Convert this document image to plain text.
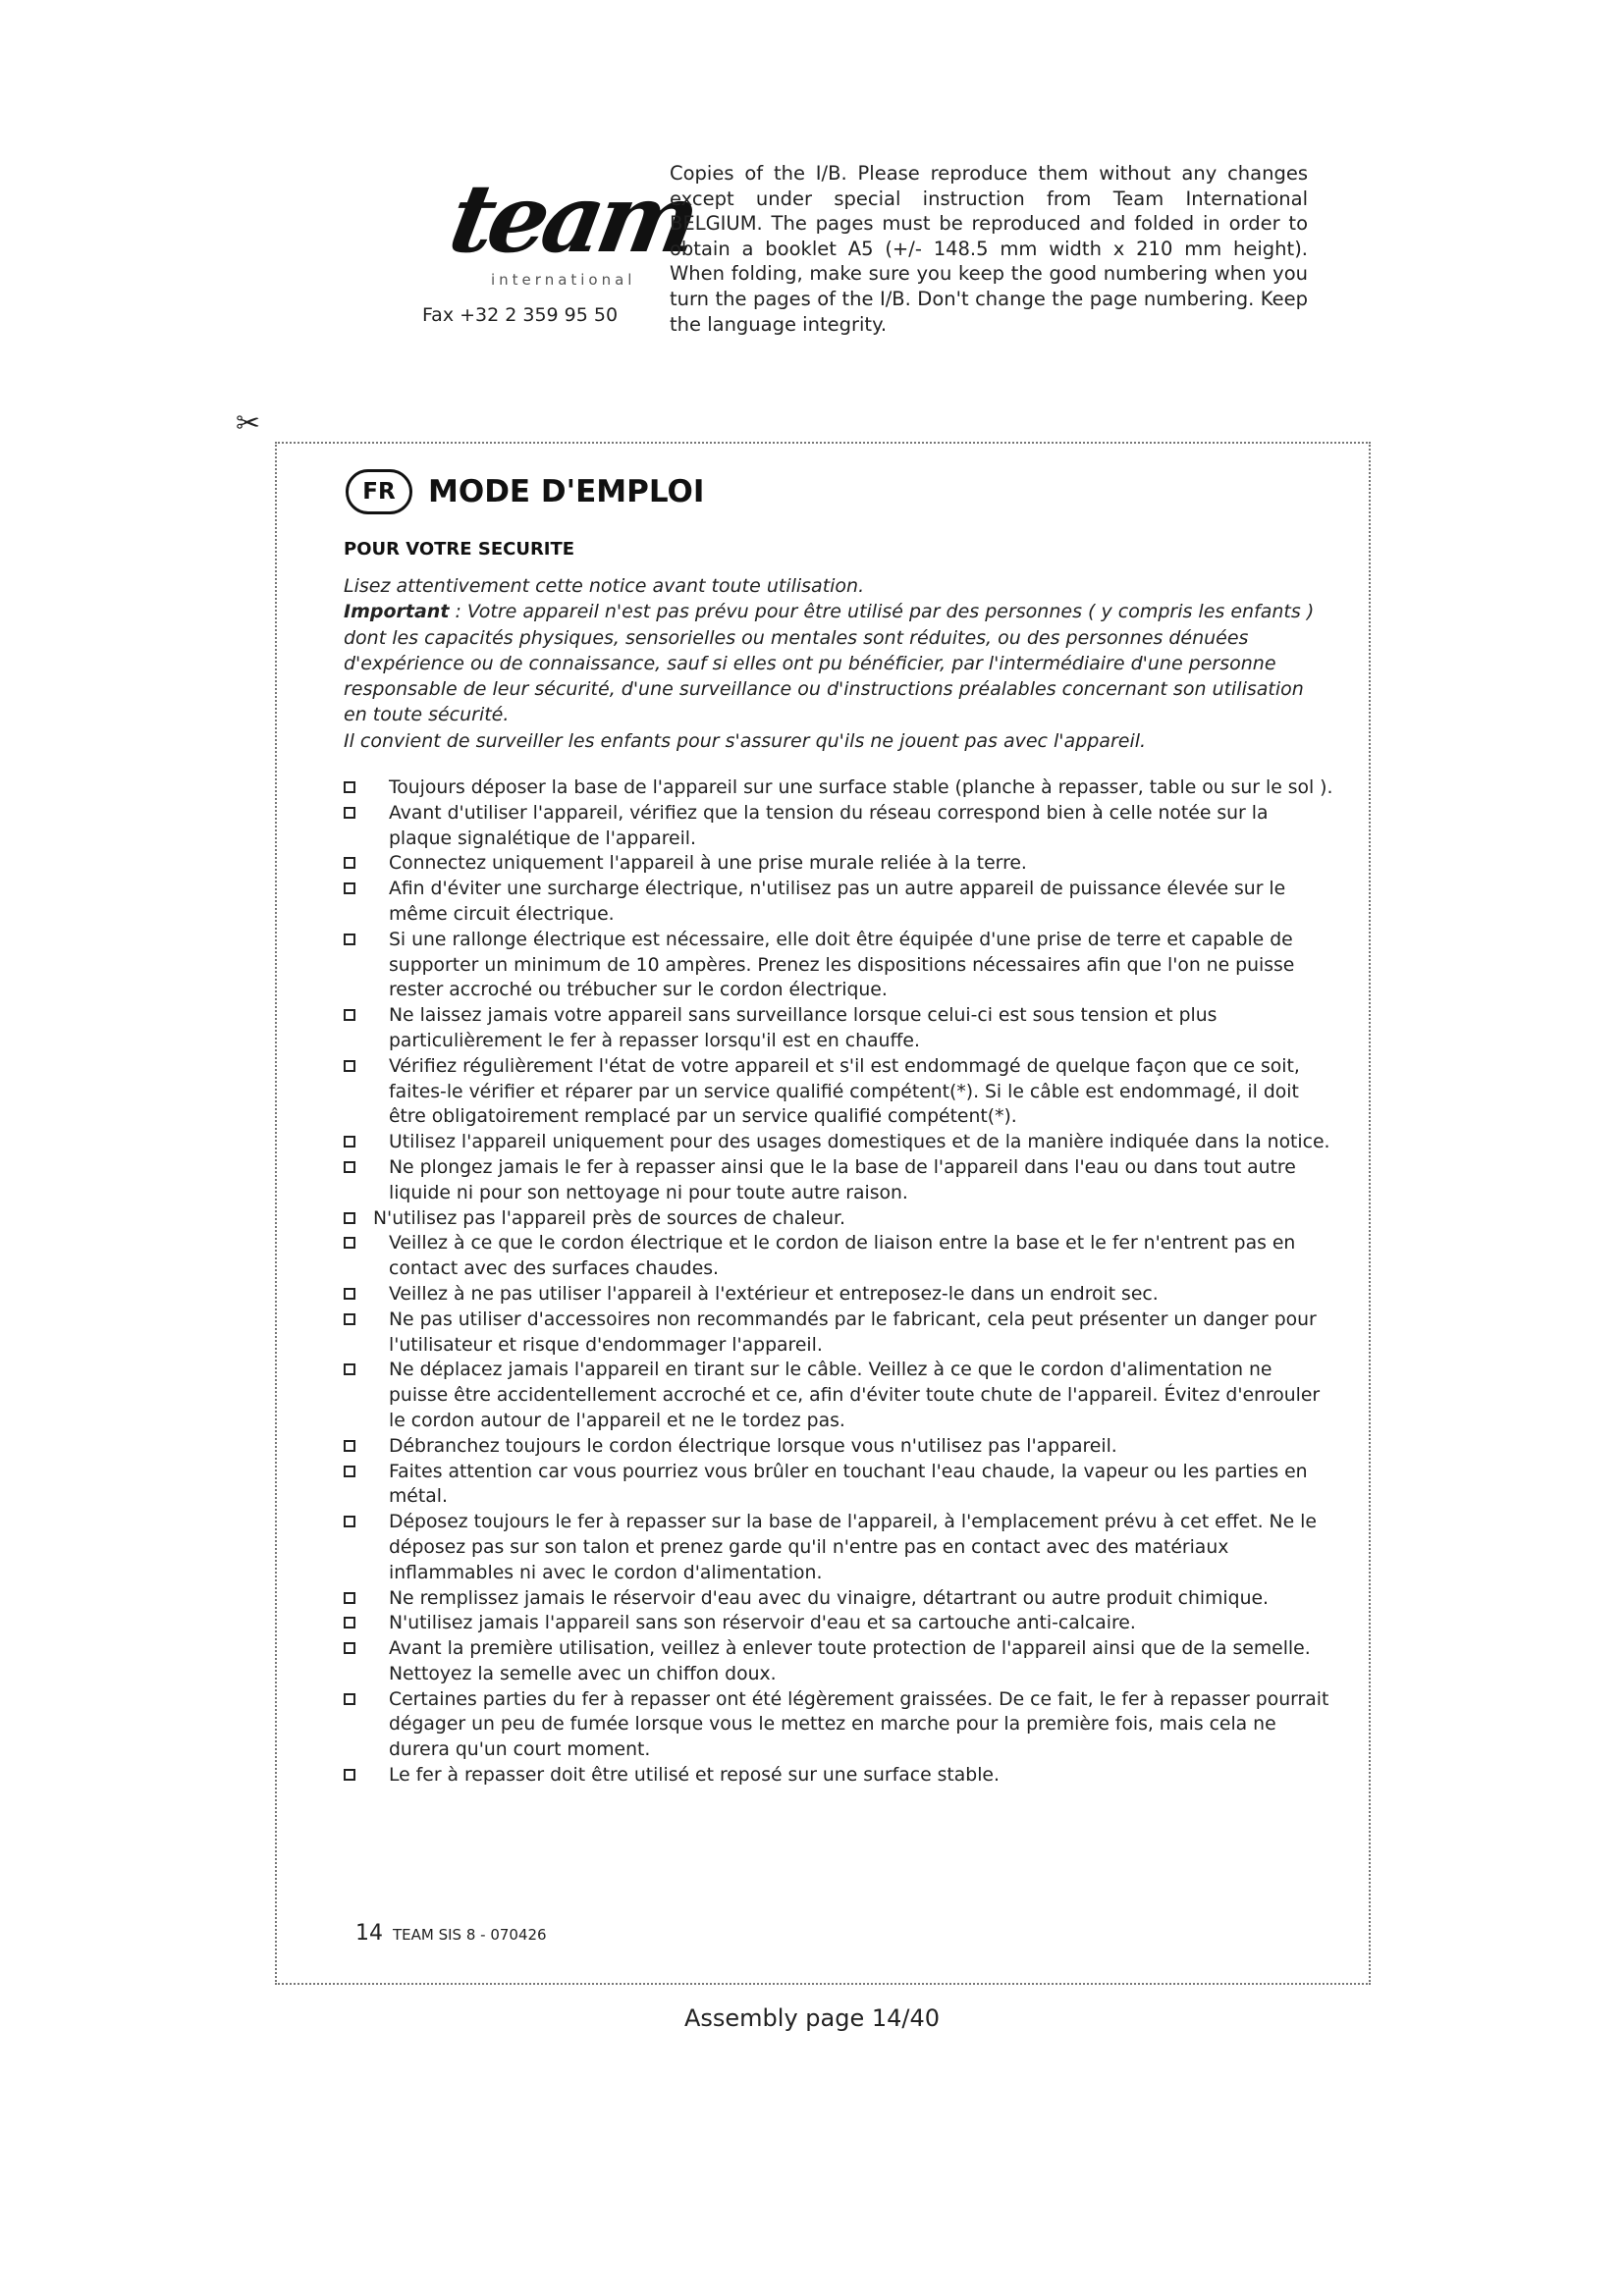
team
international
Fax +32 2 359 95 50
Copies of the I/B. Please reproduce them without any changes except under special instruction from Team International BELGIUM. The pages must be reproduced and folded in order to obtain a booklet A5 (+/- 148.5 mm width x 210 mm height). When folding, make sure you keep the good numbering when you turn the pages of the I/B. Don't change the page numbering. Keep the language integrity.
✂
FR	MODE D'EMPLOI
POUR VOTRE SECURITE
Lisez attentivement cette notice avant toute utilisation.
Important : Votre appareil n'est pas prévu pour être utilisé par des personnes ( y compris les enfants ) dont les capacités physiques, sensorielles ou mentales sont réduites, ou des personnes dénuées d'expérience ou de connaissance, sauf si elles ont pu bénéficier, par l'intermédiaire d'une personne responsable de leur sécurité, d'une surveillance ou d'instructions préalables concernant son utilisation en toute sécurité.
Il convient de surveiller les enfants pour s'assurer qu'ils ne jouent pas avec l'appareil.
Toujours déposer la base de l'appareil sur une surface stable (planche à repasser, table ou sur le sol ).
Avant d'utiliser l'appareil, vérifiez que la tension du réseau correspond bien à celle notée sur la plaque signalétique de l'appareil.
Connectez uniquement l'appareil à une prise murale reliée à la terre.
Afin d'éviter une surcharge électrique, n'utilisez pas un autre appareil de puissance élevée sur le même circuit électrique.
Si une rallonge électrique est nécessaire, elle doit être équipée d'une prise de terre et capable de supporter un minimum de 10 ampères. Prenez les dispositions nécessaires afin que l'on ne puisse rester accroché ou trébucher sur le cordon électrique.
Ne laissez jamais votre appareil sans surveillance lorsque celui-ci est sous tension et plus particulièrement le fer à repasser lorsqu'il est en chauffe.
Vérifiez régulièrement l'état de votre appareil et s'il est endommagé de quelque façon que ce soit, faites-le vérifier et réparer par un service qualifié compétent(*). Si le câble est endommagé, il doit être obligatoirement remplacé par un service qualifié compétent(*).
Utilisez l'appareil uniquement pour des usages domestiques et de la manière indiquée dans la notice.
Ne plongez jamais le fer à repasser ainsi que le la base de l'appareil dans l'eau ou dans tout autre liquide ni pour son nettoyage ni pour toute autre raison.
N'utilisez pas l'appareil près de sources de chaleur.
Veillez à ce que le cordon électrique et le cordon de liaison entre la base et le fer n'entrent pas en contact avec des surfaces chaudes.
Veillez à ne pas utiliser l'appareil à l'extérieur et entreposez-le dans un endroit sec.
Ne pas utiliser d'accessoires non recommandés par le fabricant, cela peut présenter un danger pour l'utilisateur et risque d'endommager l'appareil.
Ne déplacez jamais l'appareil en tirant sur le câble. Veillez à ce que le cordon d'alimentation ne puisse être accidentellement accroché et ce, afin d'éviter toute chute de l'appareil. Évitez d'enrouler le cordon autour de l'appareil et ne le tordez pas.
Débranchez toujours le cordon électrique lorsque vous n'utilisez pas l'appareil.
Faites attention car vous pourriez vous brûler en touchant l'eau chaude, la vapeur ou les parties en métal.
Déposez toujours le fer à repasser sur la base de l'appareil, à l'emplacement prévu à cet effet. Ne le déposez pas sur son talon et prenez garde qu'il n'entre pas en contact avec des matériaux inflammables ni avec le cordon d'alimentation.
Ne remplissez jamais le réservoir d'eau avec du vinaigre, détartrant ou autre produit chimique.
N'utilisez jamais l'appareil sans son réservoir d'eau et sa cartouche anti-calcaire.
Avant la première utilisation, veillez à enlever toute protection de l'appareil ainsi que de la semelle. Nettoyez la semelle avec un chiffon doux.
Certaines parties du fer à repasser ont été légèrement graissées. De ce fait, le fer à repasser pourrait dégager un peu de fumée lorsque vous le mettez en marche pour la première fois, mais cela ne durera qu'un court moment.
Le fer à repasser doit être utilisé et reposé sur une surface stable.
14 TEAM SIS 8 - 070426
Assembly page 14/40
